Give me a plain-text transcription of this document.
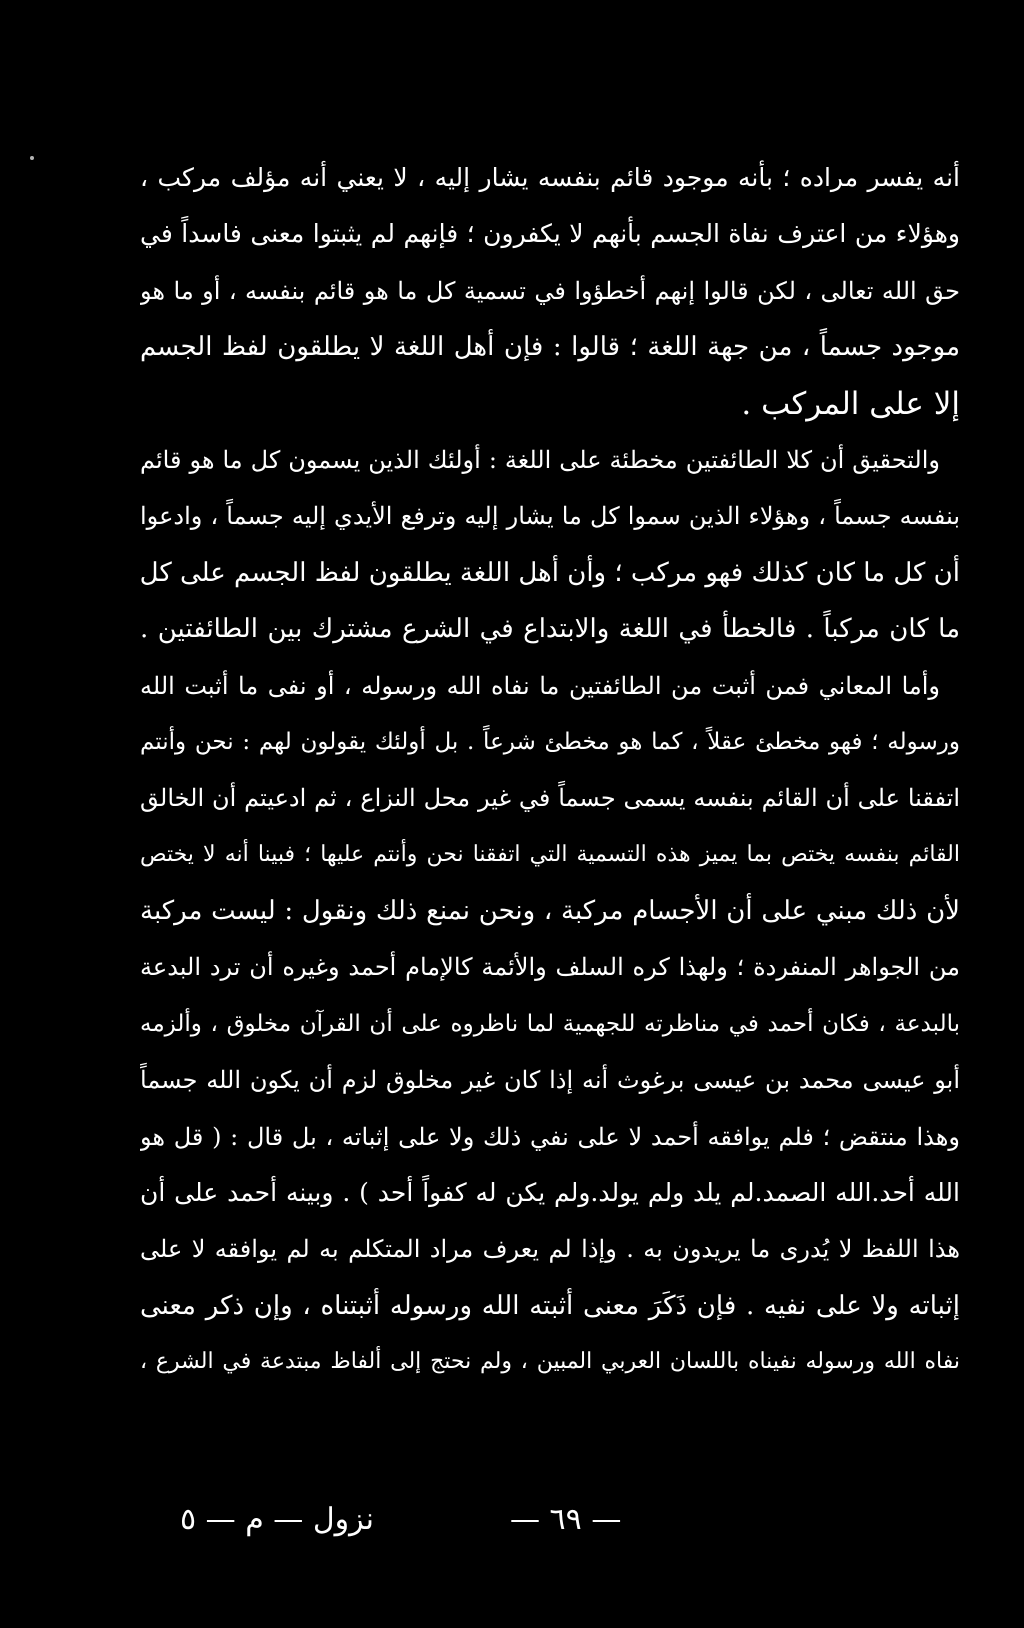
أنه يفسر مراده ؛ بأنه موجود قائم بنفسه يشار إليه ، لا يعني أنه مؤلف مركب ،
وهؤلاء من اعترف نفاة الجسم بأنهم لا يكفرون ؛ فإنهم لم يثبتوا معنى فاسداً في
حق الله تعالى ، لكن قالوا إنهم أخطؤوا في تسمية كل ما هو قائم بنفسه ، أو ما هو
موجود جسماً ، من جهة اللغة ؛ قالوا : فإن أهل اللغة لا يطلقون لفظ الجسم
إلا على المركب .
والتحقيق أن كلا الطائفتين مخطئة على اللغة : أولئك الذين يسمون كل ما هو قائم
بنفسه جسماً ، وهؤلاء الذين سموا كل ما يشار إليه وترفع الأيدي إليه جسماً ، وادعوا
أن كل ما كان كذلك فهو مركب ؛ وأن أهل اللغة يطلقون لفظ الجسم على كل
ما كان مركباً . فالخطأ في اللغة والابتداع في الشرع مشترك بين الطائفتين .
وأما المعاني فمن أثبت من الطائفتين ما نفاه الله ورسوله ، أو نفى ما أثبت الله
ورسوله ؛ فهو مخطئ عقلاً ، كما هو مخطئ شرعاً . بل أولئك يقولون لهم : نحن وأنتم
اتفقنا على أن القائم بنفسه يسمى جسماً في غير محل النزاع ، ثم ادعيتم أن الخالق
القائم بنفسه يختص بما يميز هذه التسمية التي اتفقنا نحن وأنتم عليها ؛ فبينا أنه لا يختص
لأن ذلك مبني على أن الأجسام مركبة ، ونحن نمنع ذلك ونقول : ليست مركبة
من الجواهر المنفردة ؛ ولهذا كره السلف والأئمة كالإمام أحمد وغيره أن ترد البدعة
بالبدعة ، فكان أحمد في مناظرته للجهمية لما ناظروه على أن القرآن مخلوق ، وألزمه
أبو عيسى محمد بن عيسى برغوث أنه إذا كان غير مخلوق لزم أن يكون الله جسماً
وهذا منتقض ؛ فلم يوافقه أحمد لا على نفي ذلك ولا على إثباته ، بل قال : ( قل هو
الله أحد.الله الصمد.لم يلد ولم يولد.ولم يكن له كفواً أحد ) . وبينه أحمد على أن
هذا اللفظ لا يُدرى ما يريدون به . وإذا لم يعرف مراد المتكلم به لم يوافقه لا على
إثباته ولا على نفيه . فإن ذَكَرَ معنى أثبته الله ورسوله أثبتناه ، وإن ذكر معنى
نفاه الله ورسوله نفيناه باللسان العربي المبين ، ولم نحتج إلى ألفاظ مبتدعة في الشرع ،
نزول — م — ٥	— ٦٩ —
